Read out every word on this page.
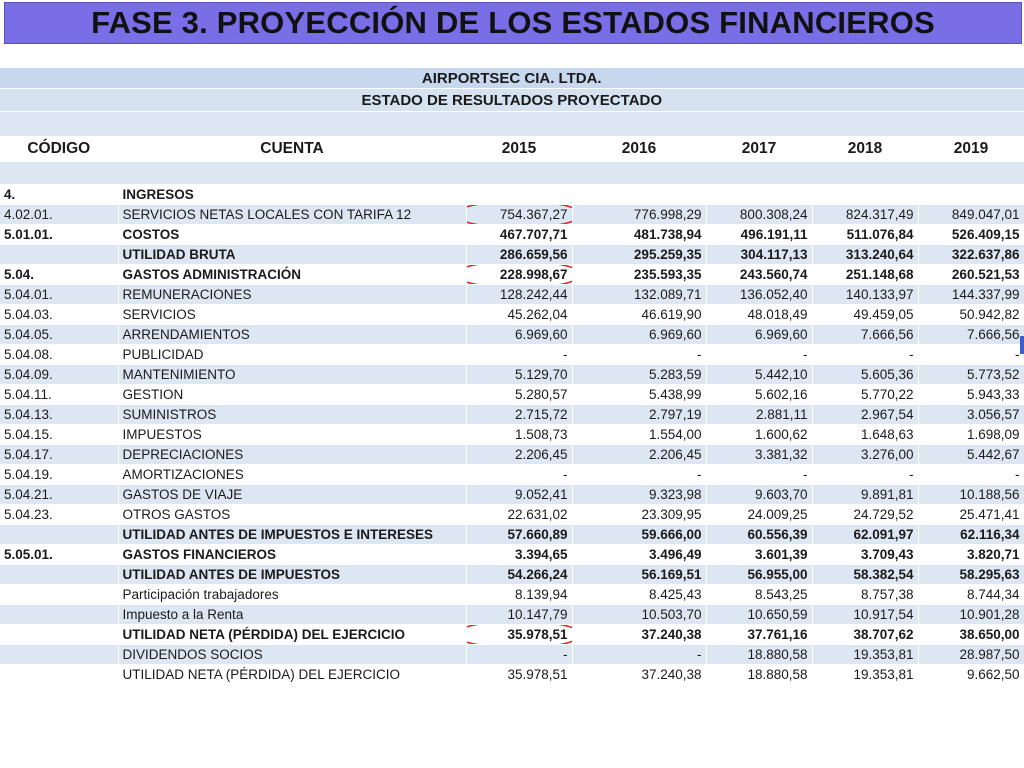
FASE 3. PROYECCIÓN DE LOS ESTADOS FINANCIEROS
AIRPORTSEC CIA. LTDA.						
ESTADO DE RESULTADOS PROYECTADO						

CÓDIGO	CUENTA	2015	2016	2017	2018	2019

4.	INGRESOS					
4.02.01.	SERVICIOS NETAS LOCALES CON TARIFA 12	754.367,27	776.998,29	800.308,24	824.317,49	849.047,01
5.01.01.	COSTOS	467.707,71	481.738,94	496.191,11	511.076,84	526.409,15
	UTILIDAD BRUTA	286.659,56	295.259,35	304.117,13	313.240,64	322.637,86
5.04.	GASTOS ADMINISTRACIÓN	228.998,67	235.593,35	243.560,74	251.148,68	260.521,53
5.04.01.	REMUNERACIONES	128.242,44	132.089,71	136.052,40	140.133,97	144.337,99
5.04.03.	SERVICIOS	45.262,04	46.619,90	48.018,49	49.459,05	50.942,82
5.04.05.	ARRENDAMIENTOS	6.969,60	6.969,60	6.969,60	7.666,56	7.666,56
5.04.08.	PUBLICIDAD	-	-	-	-	-
5.04.09.	MANTENIMIENTO	5.129,70	5.283,59	5.442,10	5.605,36	5.773,52
5.04.11.	GESTION	5.280,57	5.438,99	5.602,16	5.770,22	5.943,33
5.04.13.	SUMINISTROS	2.715,72	2.797,19	2.881,11	2.967,54	3.056,57
5.04.15.	IMPUESTOS	1.508,73	1.554,00	1.600,62	1.648,63	1.698,09
5.04.17.	DEPRECIACIONES	2.206,45	2.206,45	3.381,32	3.276,00	5.442,67
5.04.19.	AMORTIZACIONES	-	-	-	-	-
5.04.21.	GASTOS DE VIAJE	9.052,41	9.323,98	9.603,70	9.891,81	10.188,56
5.04.23.	OTROS GASTOS	22.631,02	23.309,95	24.009,25	24.729,52	25.471,41
	UTILIDAD ANTES DE IMPUESTOS E INTERESES	57.660,89	59.666,00	60.556,39	62.091,97	62.116,34
5.05.01.	GASTOS FINANCIEROS	3.394,65	3.496,49	3.601,39	3.709,43	3.820,71
	UTILIDAD ANTES DE IMPUESTOS	54.266,24	56.169,51	56.955,00	58.382,54	58.295,63
	Participación trabajadores	8.139,94	8.425,43	8.543,25	8.757,38	8.744,34
	Impuesto a la Renta	10.147,79	10.503,70	10.650,59	10.917,54	10.901,28
	UTILIDAD NETA (PÉRDIDA) DEL EJERCICIO	35.978,51	37.240,38	37.761,16	38.707,62	38.650,00
	DIVIDENDOS SOCIOS	-	-	18.880,58	19.353,81	28.987,50
	UTILIDAD NETA (PÉRDIDA) DEL EJERCICIO	35.978,51	37.240,38	18.880,58	19.353,81	9.662,50
